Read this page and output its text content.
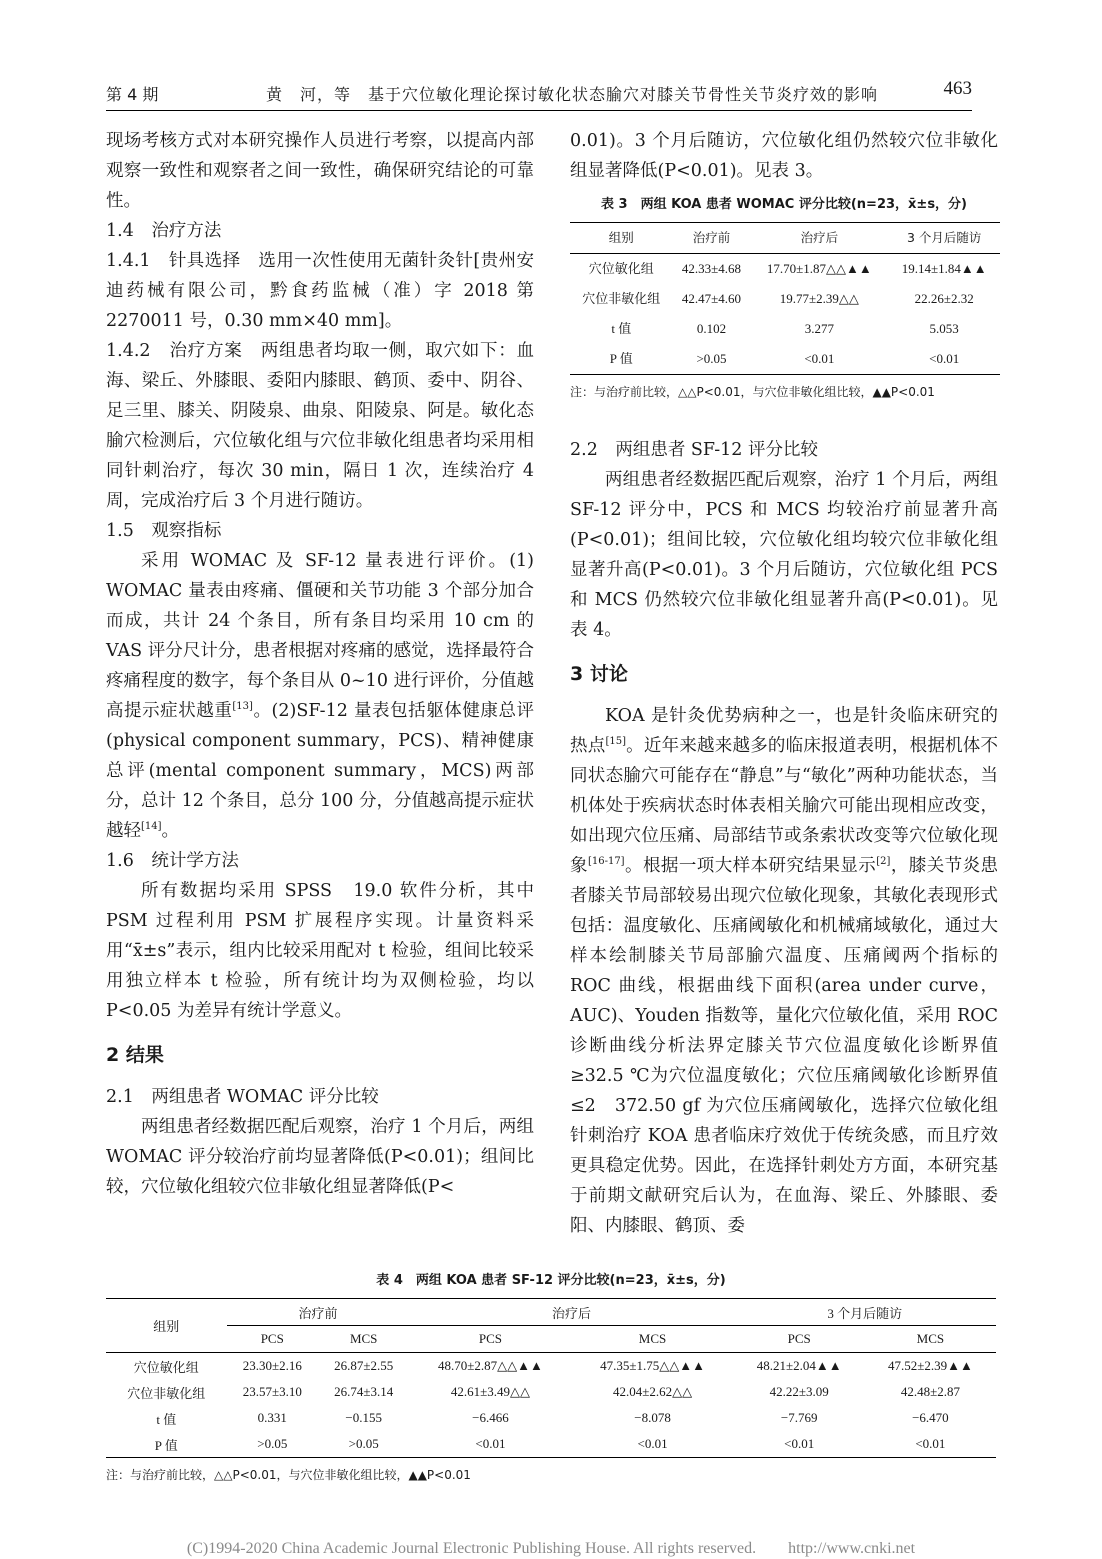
第 4 期	黄　河，等　基于穴位敏化理论探讨敏化状态腧穴对膝关节骨性关节炎疗效的影响	463

现场考核方式对本研究操作人员进行考察，以提高内部观察一致性和观察者之间一致性，确保研究结论的可靠性。

1.4　治疗方法

1.4.1　针具选择　选用一次性使用无菌针灸针[贵州安迪药械有限公司，黔食药监械（准）字 2018 第 2270011 号，0.30 mm×40 mm]。

1.4.2　治疗方案　两组患者均取一侧，取穴如下：血海、梁丘、外膝眼、委阳内膝眼、鹤顶、委中、阴谷、足三里、膝关、阴陵泉、曲泉、阳陵泉、阿是。敏化态腧穴检测后，穴位敏化组与穴位非敏化组患者均采用相同针刺治疗，每次 30 min，隔日 1 次，连续治疗 4 周，完成治疗后 3 个月进行随访。

1.5　观察指标

采用 WOMAC 及 SF-12 量表进行评价。(1) WOMAC 量表由疼痛、僵硬和关节功能 3 个部分加合而成，共计 24 个条目，所有条目均采用 10 cm 的 VAS 评分尺计分，患者根据对疼痛的感觉，选择最符合疼痛程度的数字，每个条目从 0~10 进行评价，分值越高提示症状越重[13]。(2)SF-12 量表包括躯体健康总评(physical component summary，PCS)、精神健康总评(mental component summary，MCS)两部分，总计 12 个条目，总分 100 分，分值越高提示症状越轻[14]。

1.6　统计学方法

所有数据均采用 SPSS　19.0 软件分析，其中 PSM 过程利用 PSM 扩展程序实现。计量资料采用“x̄±s”表示，组内比较采用配对 t 检验，组间比较采用独立样本 t 检验，所有统计均为双侧检验，均以 P<0.05 为差异有统计学意义。

2 结果

2.1　两组患者 WOMAC 评分比较

两组患者经数据匹配后观察，治疗 1 个月后，两组 WOMAC 评分较治疗前均显著降低(P<0.01)；组间比较，穴位敏化组较穴位非敏化组显著降低(P<

0.01)。3 个月后随访，穴位敏化组仍然较穴位非敏化组显著降低(P<0.01)。见表 3。

表 3　两组 KOA 患者 WOMAC 评分比较(n=23，x̄±s，分)
组别	治疗前	治疗后	3 个月后随访
穴位敏化组	42.33±4.68	17.70±1.87△△▲▲	19.14±1.84▲▲
穴位非敏化组	42.47±4.60	19.77±2.39△△	22.26±2.32
t 值	0.102	3.277	5.053
P 值	>0.05	<0.01	<0.01
注：与治疗前比较，△△P<0.01，与穴位非敏化组比较，▲▲P<0.01

2.2　两组患者 SF-12 评分比较

两组患者经数据匹配后观察，治疗 1 个月后，两组 SF-12 评分中，PCS 和 MCS 均较治疗前显著升高(P<0.01)；组间比较，穴位敏化组均较穴位非敏化组显著升高(P<0.01)。3 个月后随访，穴位敏化组 PCS 和 MCS 仍然较穴位非敏化组显著升高(P<0.01)。见表 4。

3 讨论

KOA 是针灸优势病种之一，也是针灸临床研究的热点[15]。近年来越来越多的临床报道表明，根据机体不同状态腧穴可能存在“静息”与“敏化”两种功能状态，当机体处于疾病状态时体表相关腧穴可能出现相应改变，如出现穴位压痛、局部结节或条索状改变等穴位敏化现象[16-17]。根据一项大样本研究结果显示[2]，膝关节炎患者膝关节局部较易出现穴位敏化现象，其敏化表现形式包括：温度敏化、压痛阈敏化和机械痛域敏化，通过大样本绘制膝关节局部腧穴温度、压痛阈两个指标的 ROC 曲线，根据曲线下面积(area under curve，AUC)、Youden 指数等，量化穴位敏化值，采用 ROC 诊断曲线分析法界定膝关节穴位温度敏化诊断界值≥32.5 ℃为穴位温度敏化；穴位压痛阈敏化诊断界值≤2　372.50 gf 为穴位压痛阈敏化，选择穴位敏化组针刺治疗 KOA 患者临床疗效优于传统灸感，而且疗效更具稳定优势。因此，在选择针刺处方方面，本研究基于前期文献研究后认为，在血海、梁丘、外膝眼、委阳、内膝眼、鹤顶、委

表 4　两组 KOA 患者 SF-12 评分比较(n=23，x̄±s，分)
组别	治疗前		治疗后		3 个月后随访	
	PCS	MCS	PCS	MCS	PCS	MCS
穴位敏化组	23.30±2.16	26.87±2.55	48.70±2.87△△▲▲	47.35±1.75△△▲▲	48.21±2.04▲▲	47.52±2.39▲▲
穴位非敏化组	23.57±3.10	26.74±3.14	42.61±3.49△△	42.04±2.62△△	42.22±3.09	42.48±2.87
t 值	0.331	−0.155	−6.466	−8.078	−7.769	−6.470
P 值	>0.05	>0.05	<0.01	<0.01	<0.01	<0.01
注：与治疗前比较，△△P<0.01，与穴位非敏化组比较，▲▲P<0.01
(C)1994-2020 China Academic Journal Electronic Publishing House. All rights reserved.　　http://www.cnki.net
